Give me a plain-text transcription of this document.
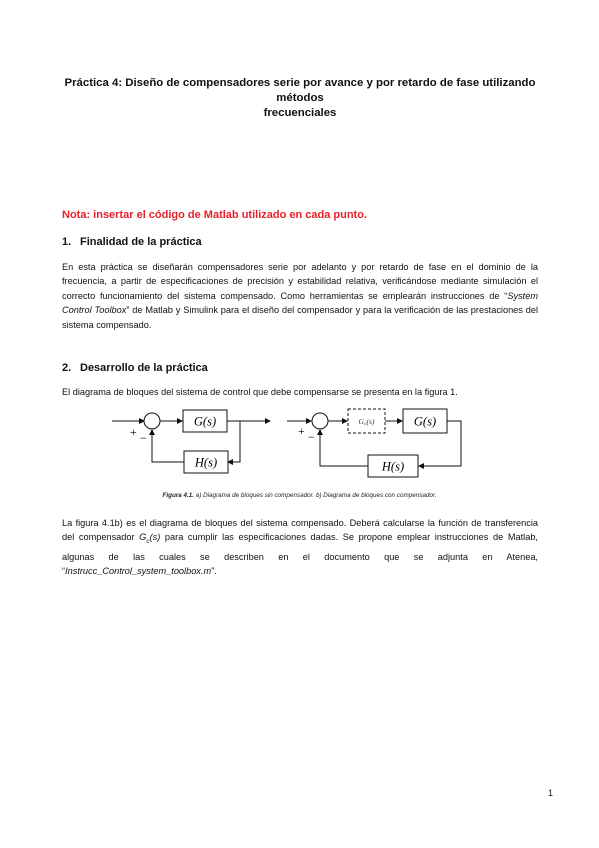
Práctica 4: Diseño de compensadores serie por avance y por retardo de fase utilizando métodos
frecuenciales
Nota: insertar el código de Matlab utilizado en cada punto.
1. Finalidad de la práctica
En esta práctica se diseñarán compensadores serie por adelanto y por retardo de fase en el dominio de la frecuencia, a partir de especificaciones de precisión y estabilidad relativa, verificándose mediante simulación el correcto funcionamiento del sistema compensado. Como herramientas se emplearán instrucciones de “System Control Toolbox” de Matlab y Simulink para el diseño del compensador y para la verificación de las prestaciones del sistema compensado.
2. Desarrollo de la práctica
El diagrama de bloques del sistema de control que debe compensarse se presenta en la figura 1.
+ −
G(s)
H(s)
+ −
G꜀(s)	G(s)
H(s)
Figura 4.1. a) Diagrama de bloques sin compensador. b) Diagrama de bloques con compensador.
La figura 4.1b) es el diagrama de bloques del sistema compensado. Deberá calcularse la función de transferencia del compensador $G_c(s)$ para cumplir las especificaciones dadas. Se propone emplear instrucciones de Matlab, algunas de las cuales se describen en el documento que se adjunta en Atenea, “Instrucc_Control_system_toolbox.m”.
1
